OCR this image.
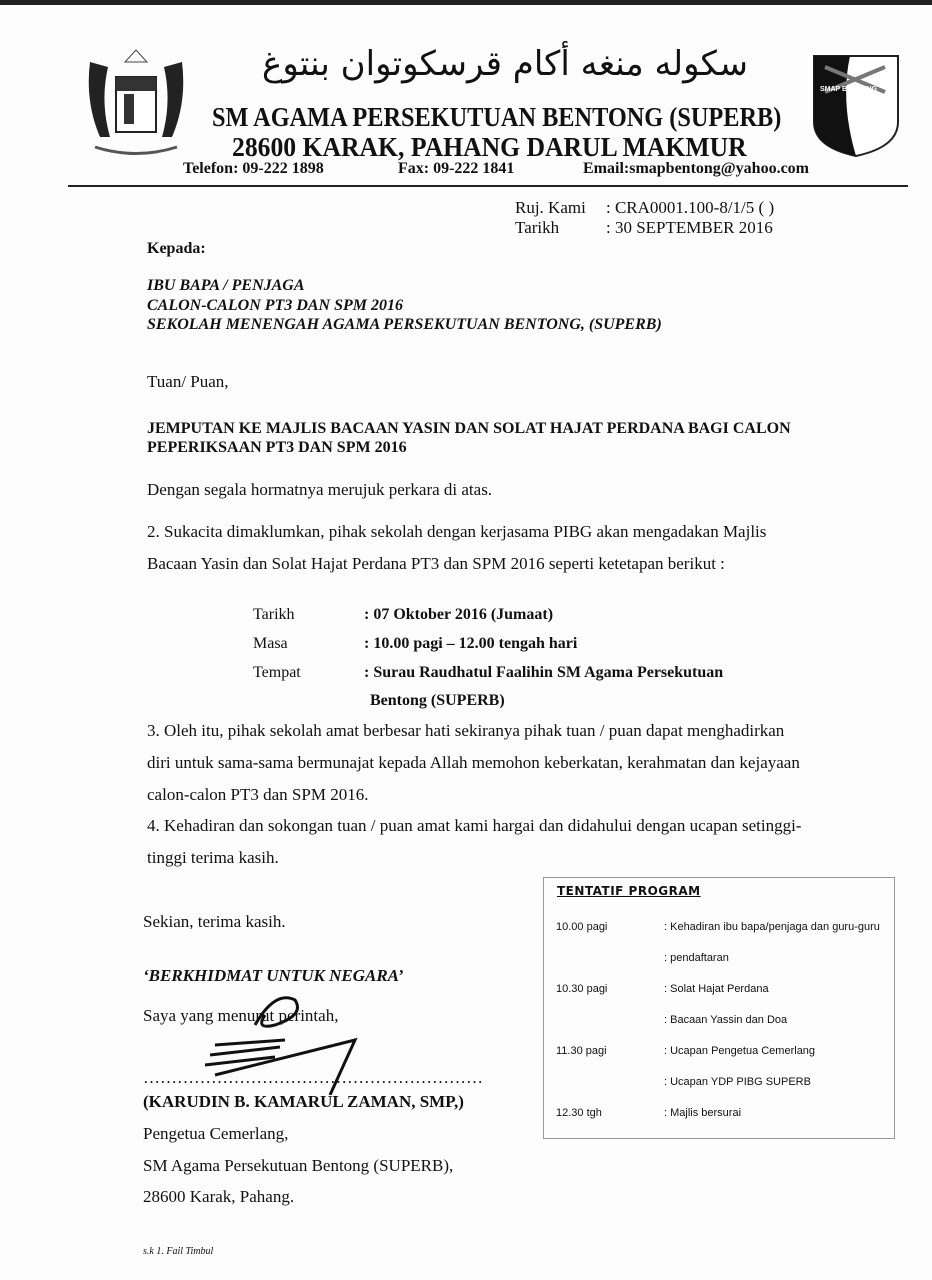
سكوله منغه أكام قرسكوتوان بنتوغ
SM AGAMA PERSEKUTUAN BENTONG (SUPERB)
28600 KARAK, PAHANG DARUL MAKMUR
Telefon: 09-222 1898	Fax: 09-222 1841	Email:smapbentong@yahoo.com
SMAP BENTONG
Ruj. Kami : CRA0001.100-8/1/5 ( )
Tarikh	: 30 SEPTEMBER 2016
Kepada:
IBU BAPA / PENJAGA
CALON-CALON PT3 DAN SPM 2016
SEKOLAH MENENGAH AGAMA PERSEKUTUAN BENTONG, (SUPERB)
Tuan/ Puan,
JEMPUTAN KE MAJLIS BACAAN YASIN DAN SOLAT HAJAT PERDANA BAGI CALON
PEPERIKSAAN PT3 DAN SPM 2016
Dengan segala hormatnya merujuk perkara di atas.
2. Sukacita dimaklumkan, pihak sekolah dengan kerjasama PIBG akan mengadakan Majlis
Bacaan Yasin dan Solat Hajat Perdana PT3 dan SPM 2016 seperti ketetapan berikut :
Tarikh	: 07 Oktober 2016 (Jumaat)
Masa	: 10.00 pagi – 12.00 tengah hari
Tempat	: Surau Raudhatul Faalihin SM Agama Persekutuan
Bentong (SUPERB)
3. Oleh itu, pihak sekolah amat berbesar hati sekiranya pihak tuan / puan dapat menghadirkan
diri untuk sama-sama bermunajat kepada Allah memohon keberkatan, kerahmatan dan kejayaan
calon-calon PT3 dan SPM 2016.
4. Kehadiran dan sokongan tuan / puan amat kami hargai dan didahului dengan ucapan setinggi-
tinggi terima kasih.
Sekian, terima kasih.
‘BERKHIDMAT UNTUK NEGARA’
Saya yang menurut perintah,
……………………………………………………
(KARUDIN B. KAMARUL ZAMAN, SMP,)
Pengetua Cemerlang,
SM Agama Persekutuan Bentong (SUPERB),
28600 Karak, Pahang.
TENTATIF PROGRAM
10.00 pagi	: Kehadiran ibu bapa/penjaga dan guru-guru
: pendaftaran
10.30 pagi	: Solat Hajat Perdana
: Bacaan Yassin dan Doa
11.30 pagi	: Ucapan Pengetua Cemerlang
: Ucapan YDP PIBG SUPERB
12.30 tgh	: Majlis bersurai
s.k 1. Fail Timbul
